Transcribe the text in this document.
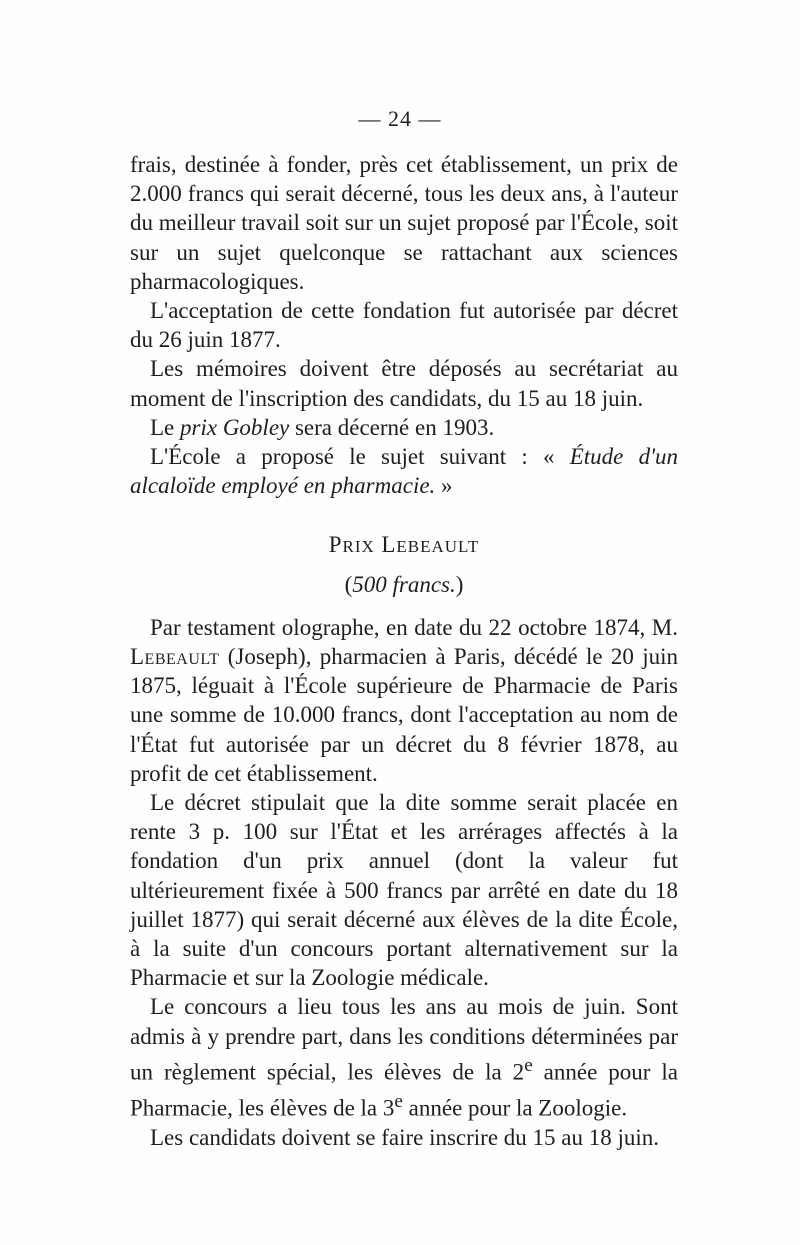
— 24 —

frais, destinée à fonder, près cet établissement, un prix de 2.000 francs qui serait décerné, tous les deux ans, à l'auteur du meilleur travail soit sur un sujet proposé par l'École, soit sur un sujet quelconque se rattachant aux sciences pharmacologiques.

L'acceptation de cette fondation fut autorisée par décret du 26 juin 1877.

Les mémoires doivent être déposés au secrétariat au moment de l'inscription des candidats, du 15 au 18 juin.

Le prix Gobley sera décerné en 1903.

L'École a proposé le sujet suivant : « Étude d'un alcaloïde employé en pharmacie. »

PRIX LEBEAULT
(500 francs.)

Par testament olographe, en date du 22 octobre 1874, M. Lebeault (Joseph), pharmacien à Paris, décédé le 20 juin 1875, léguait à l'École supérieure de Pharmacie de Paris une somme de 10.000 francs, dont l'acceptation au nom de l'État fut autorisée par un décret du 8 février 1878, au profit de cet établissement.

Le décret stipulait que la dite somme serait placée en rente 3 p. 100 sur l'État et les arrérages affectés à la fondation d'un prix annuel (dont la valeur fut ultérieurement fixée à 500 francs par arrêté en date du 18 juillet 1877) qui serait décerné aux élèves de la dite École, à la suite d'un concours portant alternativement sur la Pharmacie et sur la Zoologie médicale.

Le concours a lieu tous les ans au mois de juin. Sont admis à y prendre part, dans les conditions déterminées par un règlement spécial, les élèves de la 2e année pour la Pharmacie, les élèves de la 3e année pour la Zoologie.

Les candidats doivent se faire inscrire du 15 au 18 juin.
